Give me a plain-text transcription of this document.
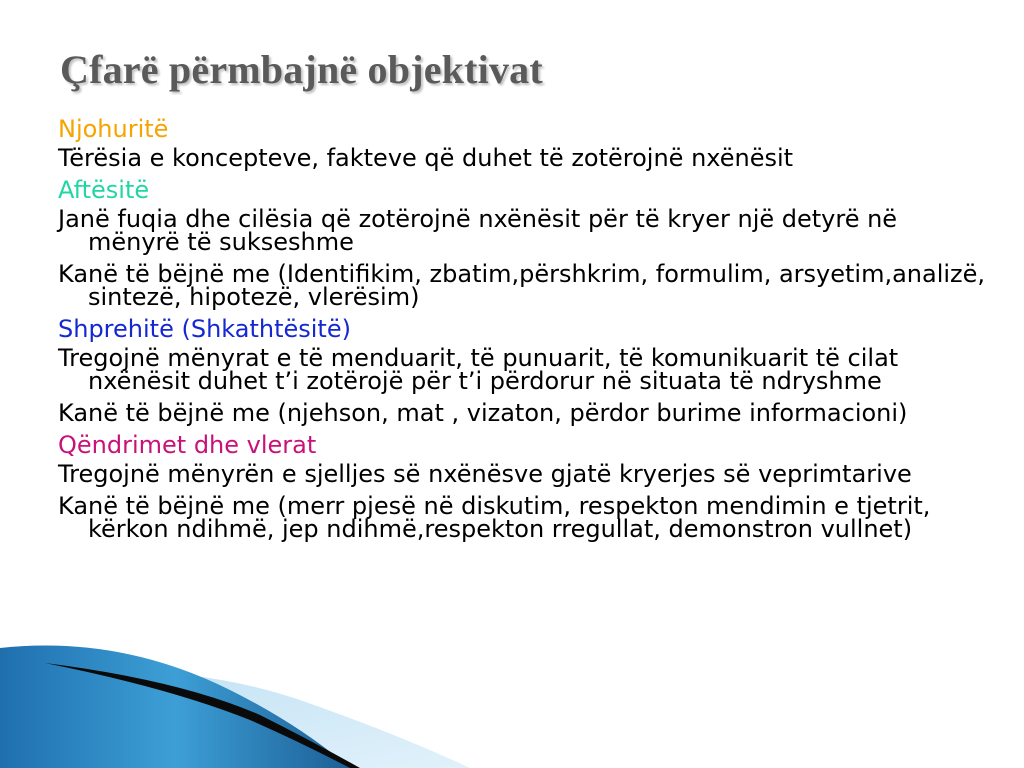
Çfarë përmbajnë objektivat
Njohuritë

Tërësia e koncepteve, fakteve që duhet të zotërojnë nxënësit

Aftësitë

Janë fuqia dhe cilësia që zotërojnë nxënësit për të kryer një detyrë në mënyrë të sukseshme

Kanë të bëjnë me (Identifikim, zbatim,përshkrim, formulim, arsyetim,analizë, sintezë, hipotezë, vlerësim)

Shprehitë (Shkathtësitë)

Tregojnë mënyrat e të menduarit, të punuarit, të komunikuarit të cilat nxënësit duhet t’i zotërojë për t’i përdorur në situata të ndryshme

Kanë të bëjnë me (njehson, mat , vizaton, përdor burime informacioni)

Qëndrimet dhe vlerat

Tregojnë mënyrën e sjelljes së nxënësve gjatë kryerjes së veprimtarive

Kanë të bëjnë me (merr pjesë në diskutim, respekton mendimin e tjetrit, kërkon ndihmë, jep ndihmë,respekton rregullat, demonstron vullnet)
